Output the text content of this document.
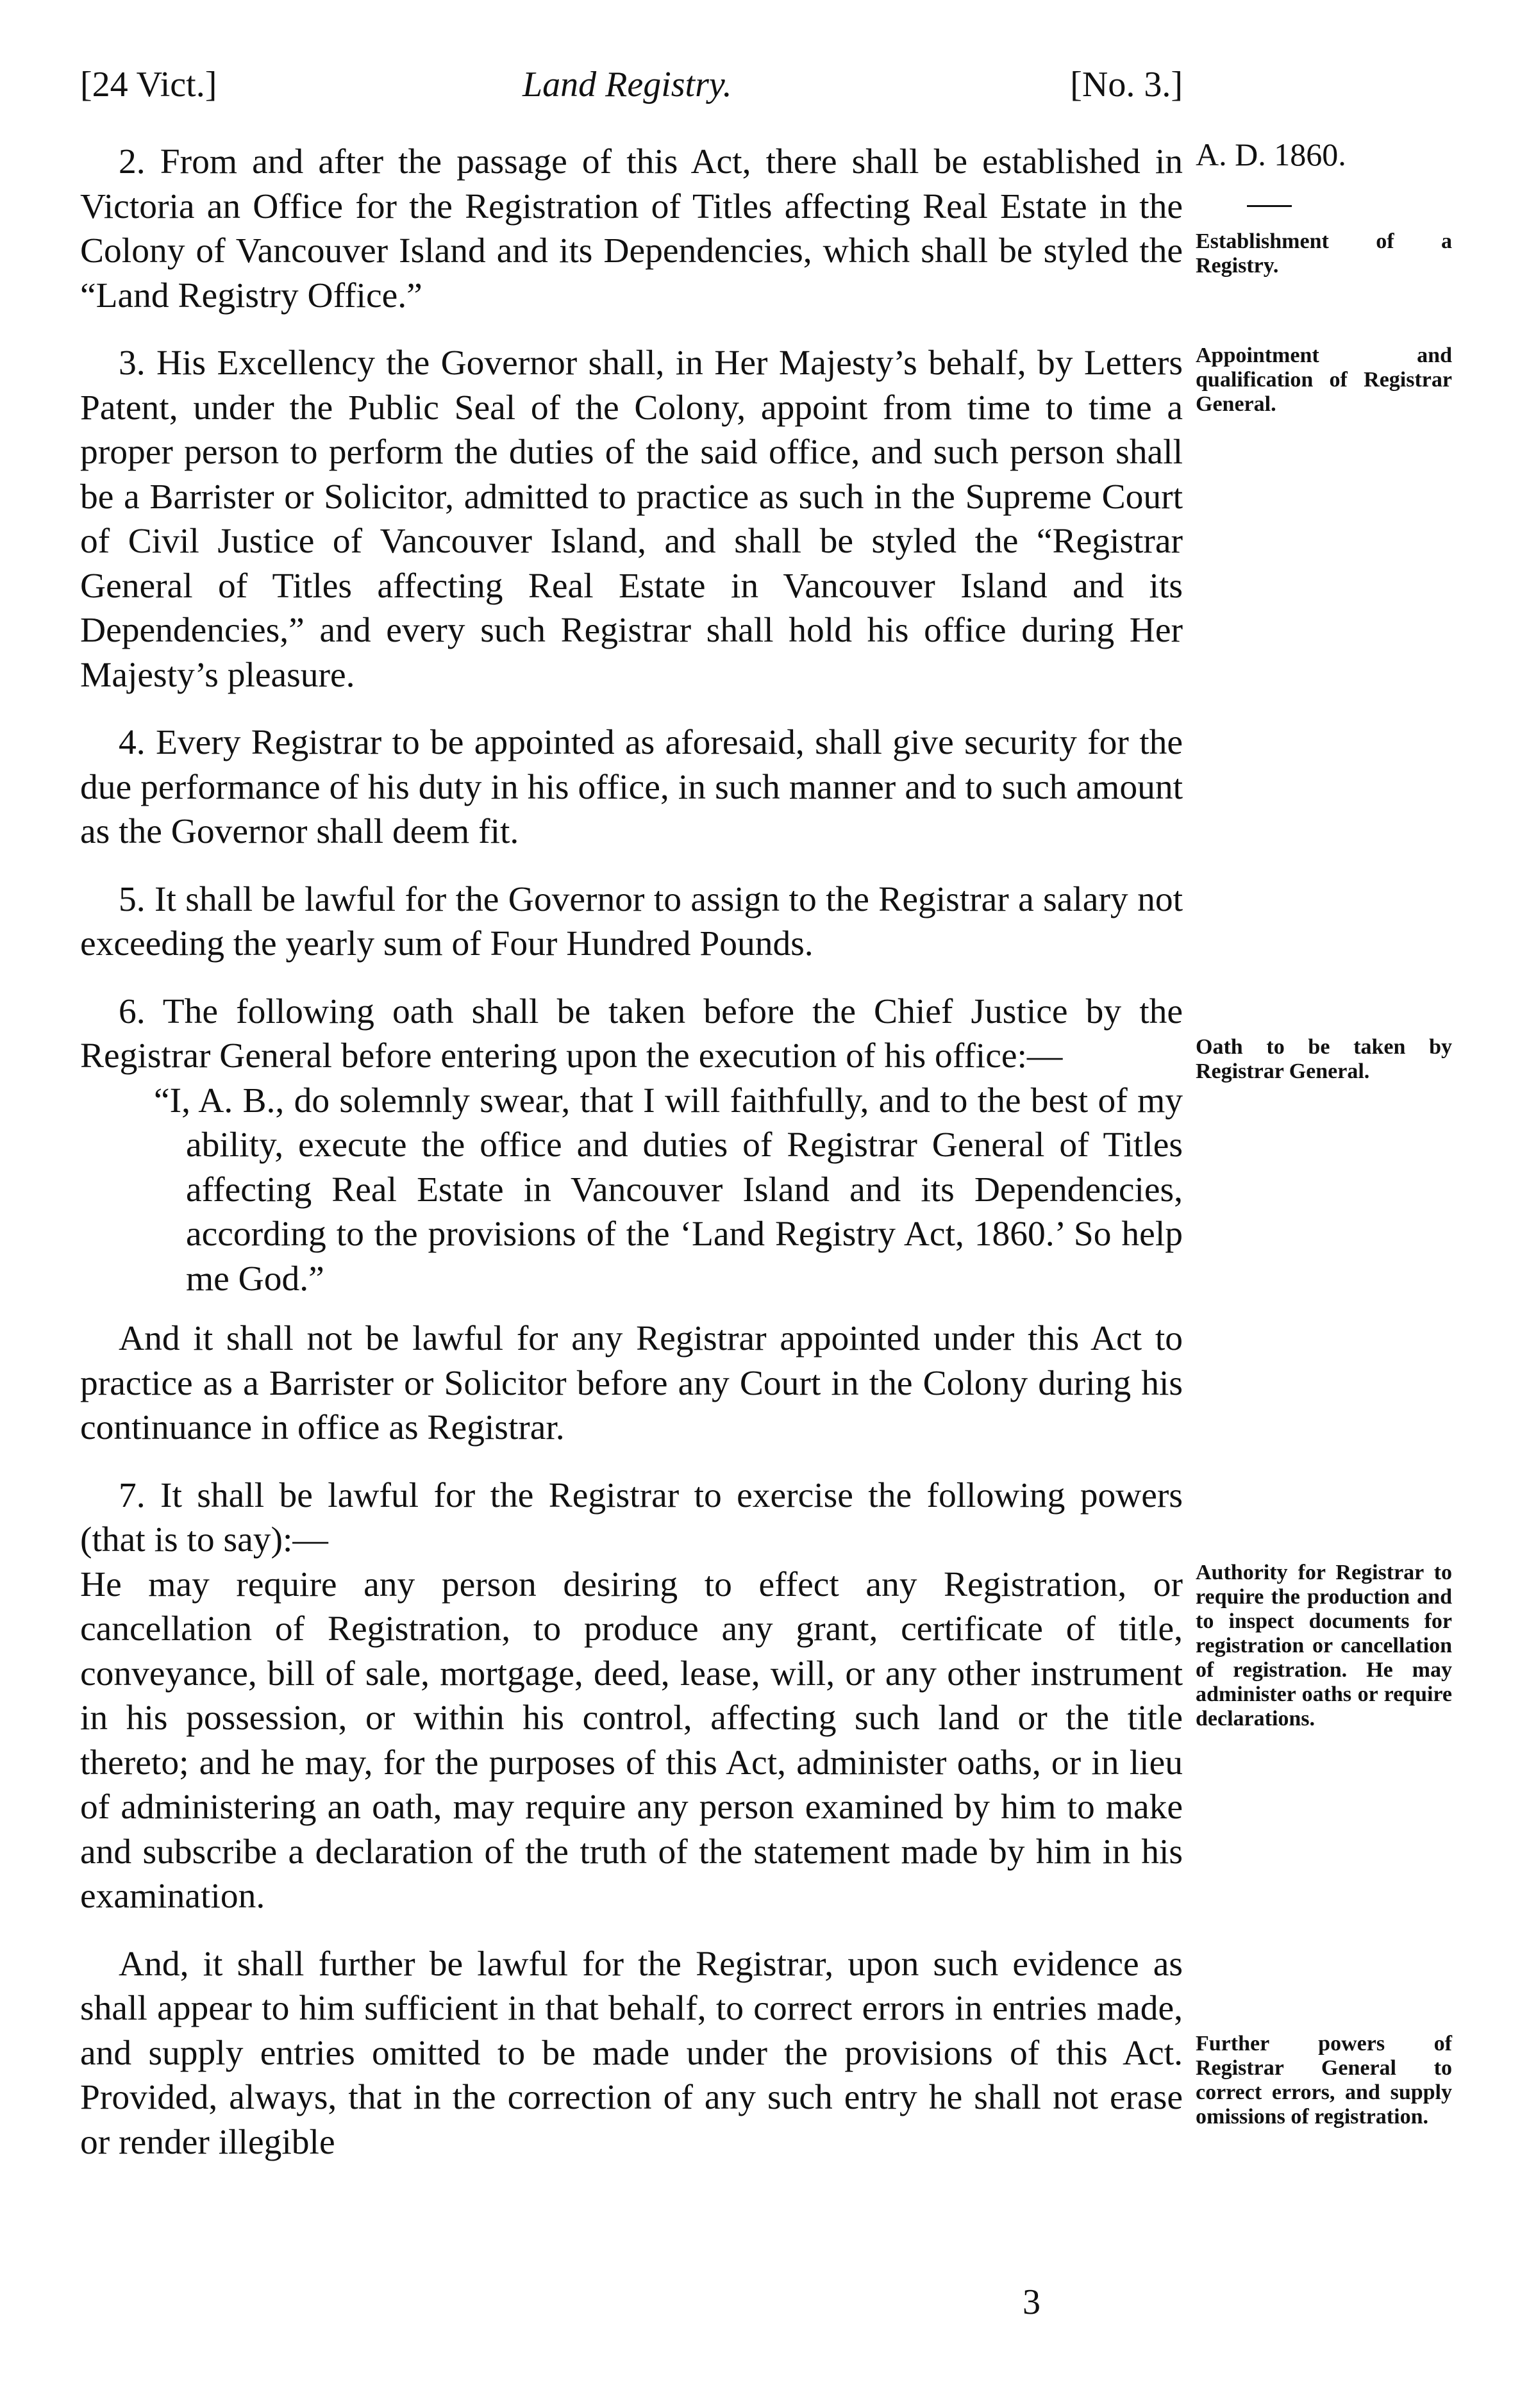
[24 Vict.]	Land Registry.	[No. 3.]

2. From and after the passage of this Act, there shall be established in Victoria an Office for the Registration of Titles affecting Real Estate in the Colony of Vancouver Island and its Dependencies, which shall be styled the “Land Registry Office.”

3. His Excellency the Governor shall, in Her Majesty’s behalf, by Letters Patent, under the Public Seal of the Colony, appoint from time to time a proper person to perform the duties of the said office, and such person shall be a Barrister or Solicitor, admitted to practice as such in the Supreme Court of Civil Justice of Vancouver Island, and shall be styled the “Registrar General of Titles affecting Real Estate in Vancouver Island and its Dependencies,” and every such Registrar shall hold his office during Her Majesty’s pleasure.

4. Every Registrar to be appointed as aforesaid, shall give security for the due performance of his duty in his office, in such manner and to such amount as the Governor shall deem fit.

5. It shall be lawful for the Governor to assign to the Registrar a salary not exceeding the yearly sum of Four Hundred Pounds.

6. The following oath shall be taken before the Chief Justice by the Registrar General before entering upon the execution of his office:—

“I, A. B., do solemnly swear, that I will faithfully, and to the best of my ability, execute the office and duties of Registrar General of Titles affecting Real Estate in Vancouver Island and its Dependencies, according to the provisions of the ‘Land Registry Act, 1860.’ So help me God.”

And it shall not be lawful for any Registrar appointed under this Act to practice as a Barrister or Solicitor before any Court in the Colony during his continuance in office as Registrar.

7. It shall be lawful for the Registrar to exercise the following powers (that is to say):—

He may require any person desiring to effect any Registration, or cancellation of Registration, to produce any grant, certificate of title, conveyance, bill of sale, mortgage, deed, lease, will, or any other instrument in his possession, or within his control, affecting such land or the title thereto; and he may, for the purposes of this Act, administer oaths, or in lieu of administering an oath, may require any person examined by him to make and subscribe a declaration of the truth of the statement made by him in his examination.

And, it shall further be lawful for the Registrar, upon such evidence as shall appear to him sufficient in that behalf, to correct errors in entries made, and supply entries omitted to be made under the provisions of this Act. Provided, always, that in the correction of any such entry he shall not erase or render illegible

A. D. 1860.
Establishment of a Registry.
Appointment and qualification of Registrar General.
Oath to be taken by Registrar General.
Authority for Registrar to require the production and to inspect documents for registration or cancellation of registration. He may administer oaths or require declarations.
Further powers of Registrar General to correct errors, and supply omissions of registration.
3
